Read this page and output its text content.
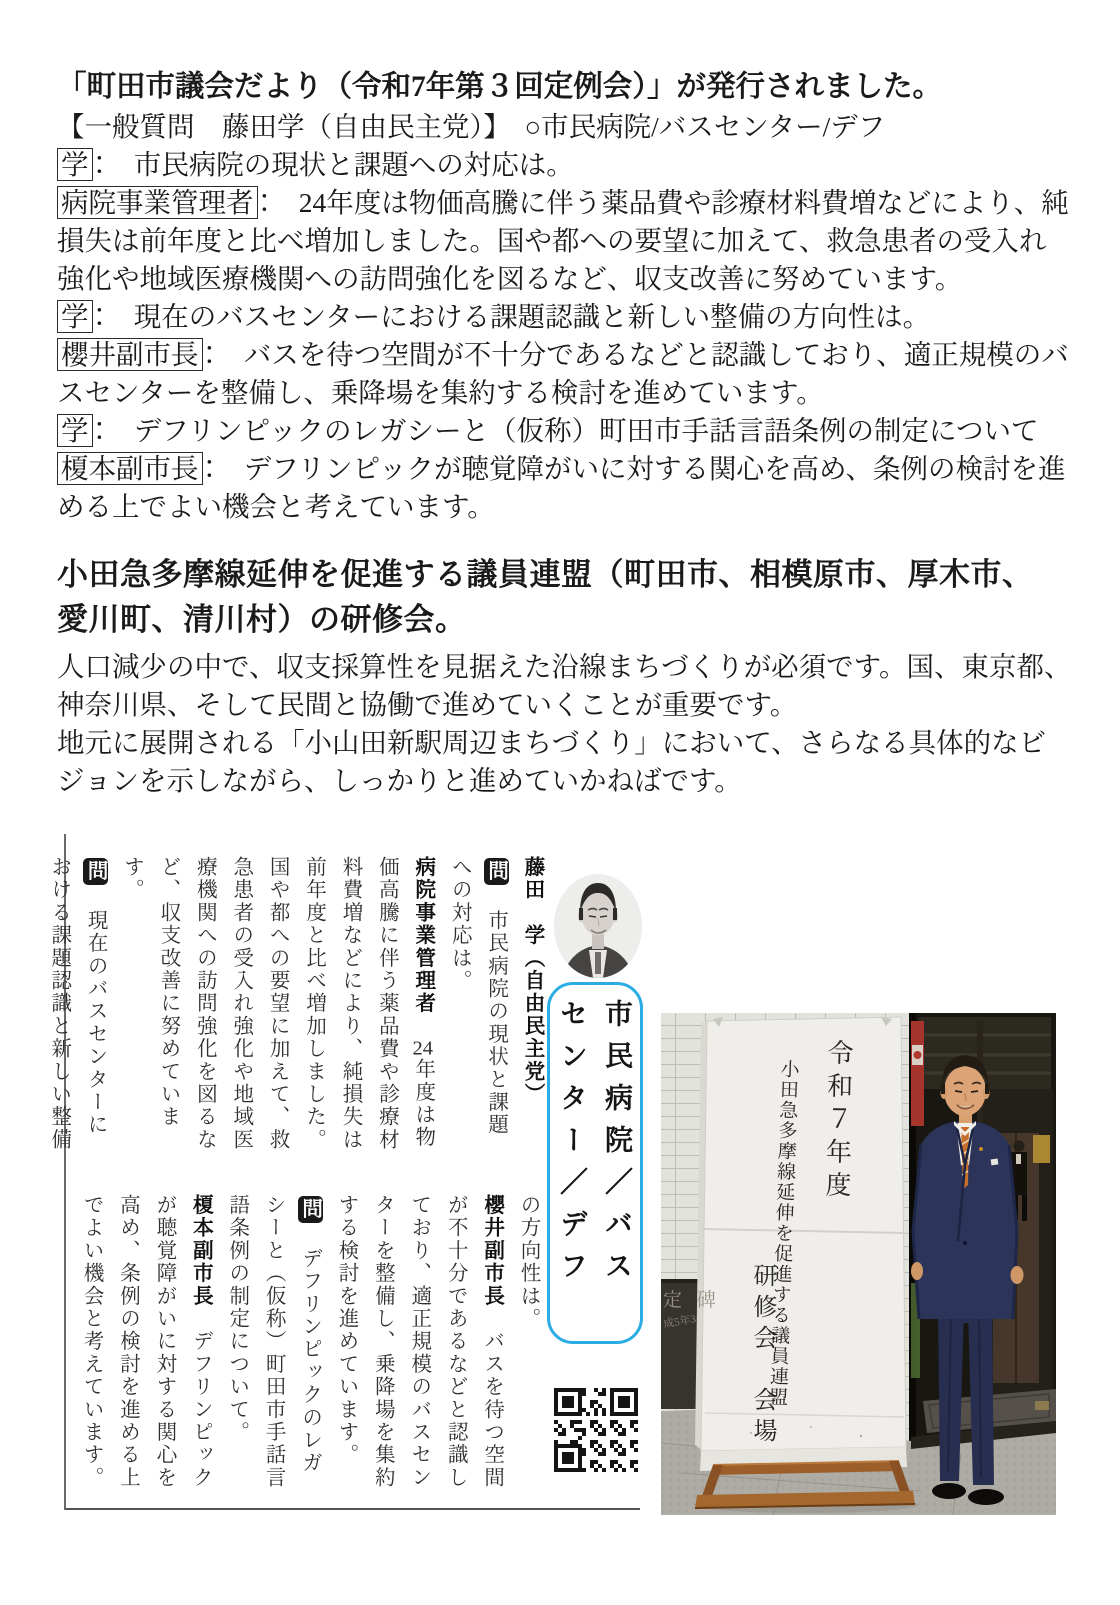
「町田市議会だより（令和7年第３回定例会）」が発行されました。
【一般質問　藤田学（自由民主党）】　○市民病院/バスセンター/デフ

学 ：　市民病院の現状と課題への対応は。

病院事業管理者 ：　24年度は物価高騰に伴う薬品費や診療材料費増などにより、純損失は前年度と比べ増加しました。国や都への要望に加えて、救急患者の受入れ強化や地域医療機関への訪問強化を図るなど、収支改善に努めています。

学 ：　現在のバスセンターにおける課題認識と新しい整備の方向性は。

櫻井副市長 ：　バスを待つ空間が不十分であるなどと認識しており、適正規模のバスセンターを整備し、乗降場を集約する検討を進めています。

学 ：　デフリンピックのレガシーと（仮称）町田市手話言語条例の制定について

榎本副市長 ：　デフリンピックが聴覚障がいに対する関心を高め、条例の検討を進める上でよい機会と考えています。

小田急多摩線延伸を促進する議員連盟（町田市、相模原市、厚木市、愛川町、清川村）の研修会。

人口減少の中で、収支採算性を見据えた沿線まちづくりが必須です。国、東京都、神奈川県、そして民間と協働で進めていくことが重要です。

地元に展開される「小山田新駅周辺まちづくり」において、さらなる具体的なビジョンを示しながら、しっかりと進めていかねばです。

藤田　学（自由民主党）
問　市民病院の現状と課題への対応は。
病院事業管理者　24年度は物価高騰に伴う薬品費や診療材料費増などにより、純損失は前年度と比べ増加しました。国や都への要望に加えて、救急患者の受入れ強化や地域医療機関への訪問強化を図るなど、収支改善に努めています。
問　現在のバスセンターにおける課題認識と新しい整備
の方向性は。
櫻井副市長　バスを待つ空間が不十分であるなどと認識しており、適正規模のバスセンターを整備し、乗降場を集約する検討を進めています。
問　デフリンピックのレガシーと（仮称）町田市手話言語条例の制定について。
榎本副市長　デフリンピックが聴覚障がいに対する関心を高め、条例の検討を進める上でよい機会と考えています。
市民病院／バス
センター／デフ	令和７年度
小田急多摩線延伸を促進する議員連盟
研修会　会場
定 碑
成5年3
